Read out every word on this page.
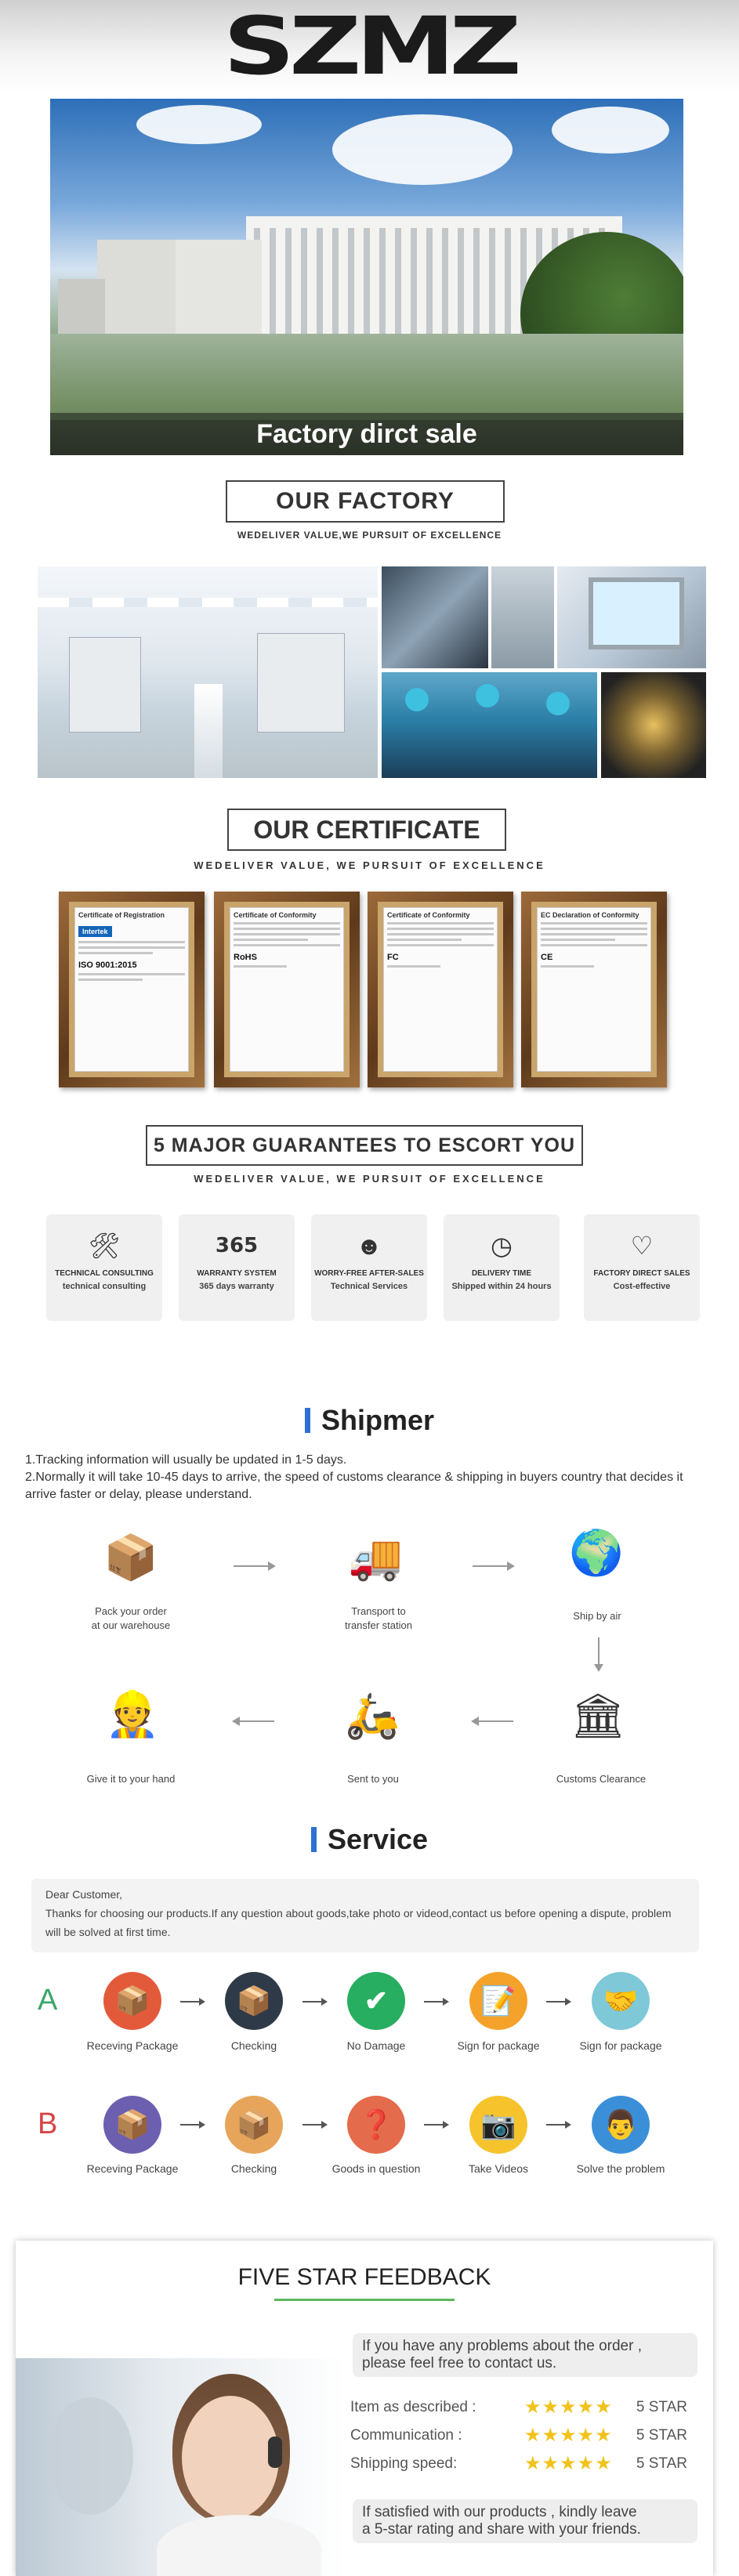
SZMZ
Factory dirct sale
OUR FACTORY
WEDELIVER VALUE,WE PURSUIT OF EXCELLENCE
OUR CERTIFICATE
WEDELIVER VALUE, WE PURSUIT OF EXCELLENCE
Certificate of Registration
Intertek
ISO 9001:2015
Certificate of Conformity
RoHS
Certificate of Conformity
FC
EC Declaration of Conformity
CE
5 MAJOR GUARANTEES TO ESCORT YOU
WEDELIVER VALUE, WE PURSUIT OF EXCELLENCE
🛠
TECHNICAL CONSULTING
technical consulting
365
WARRANTY SYSTEM
365 days warranty
☻
WORRY-FREE AFTER-SALES
Technical Services
◷
DELIVERY TIME
Shipped within 24 hours
♡
FACTORY DIRECT SALES
Cost-effective
Shipmer
1.Tracking information will usually be updated in 1-5 days.
2.Normally it will take 10-45 days to arrive, the speed of customs clearance & shipping in buyers country that decides it arrive faster or delay, please understand.
📦
Pack your order
at our warehouse
🚚
Transport to
transfer station
🌍
Ship by air
🏛
Customs Clearance
🛵
Sent to you
👷
Give it to your hand
Service
Dear Customer,
Thanks for choosing our products.If any question about goods,take photo or videod,contact us before opening a dispute, problem will be solved at first time.
A	📦
Receving Package
📦
Checking
✔
No Damage
📝
Sign for package
🤝
Sign for package
B	📦
Receving Package
📦
Checking
❓
Goods in question
📷
Take Videos
👨
Solve the problem
FIVE STAR FEEDBACK
If you have any problems about the order ,
please feel free to contact us.
Item as described :	★★★★★ 5 STAR
Communication :	★★★★★ 5 STAR
Shipping speed:	★★★★★ 5 STAR
If satisfied with our products , kindly leave
a 5-star rating and share with your friends.
